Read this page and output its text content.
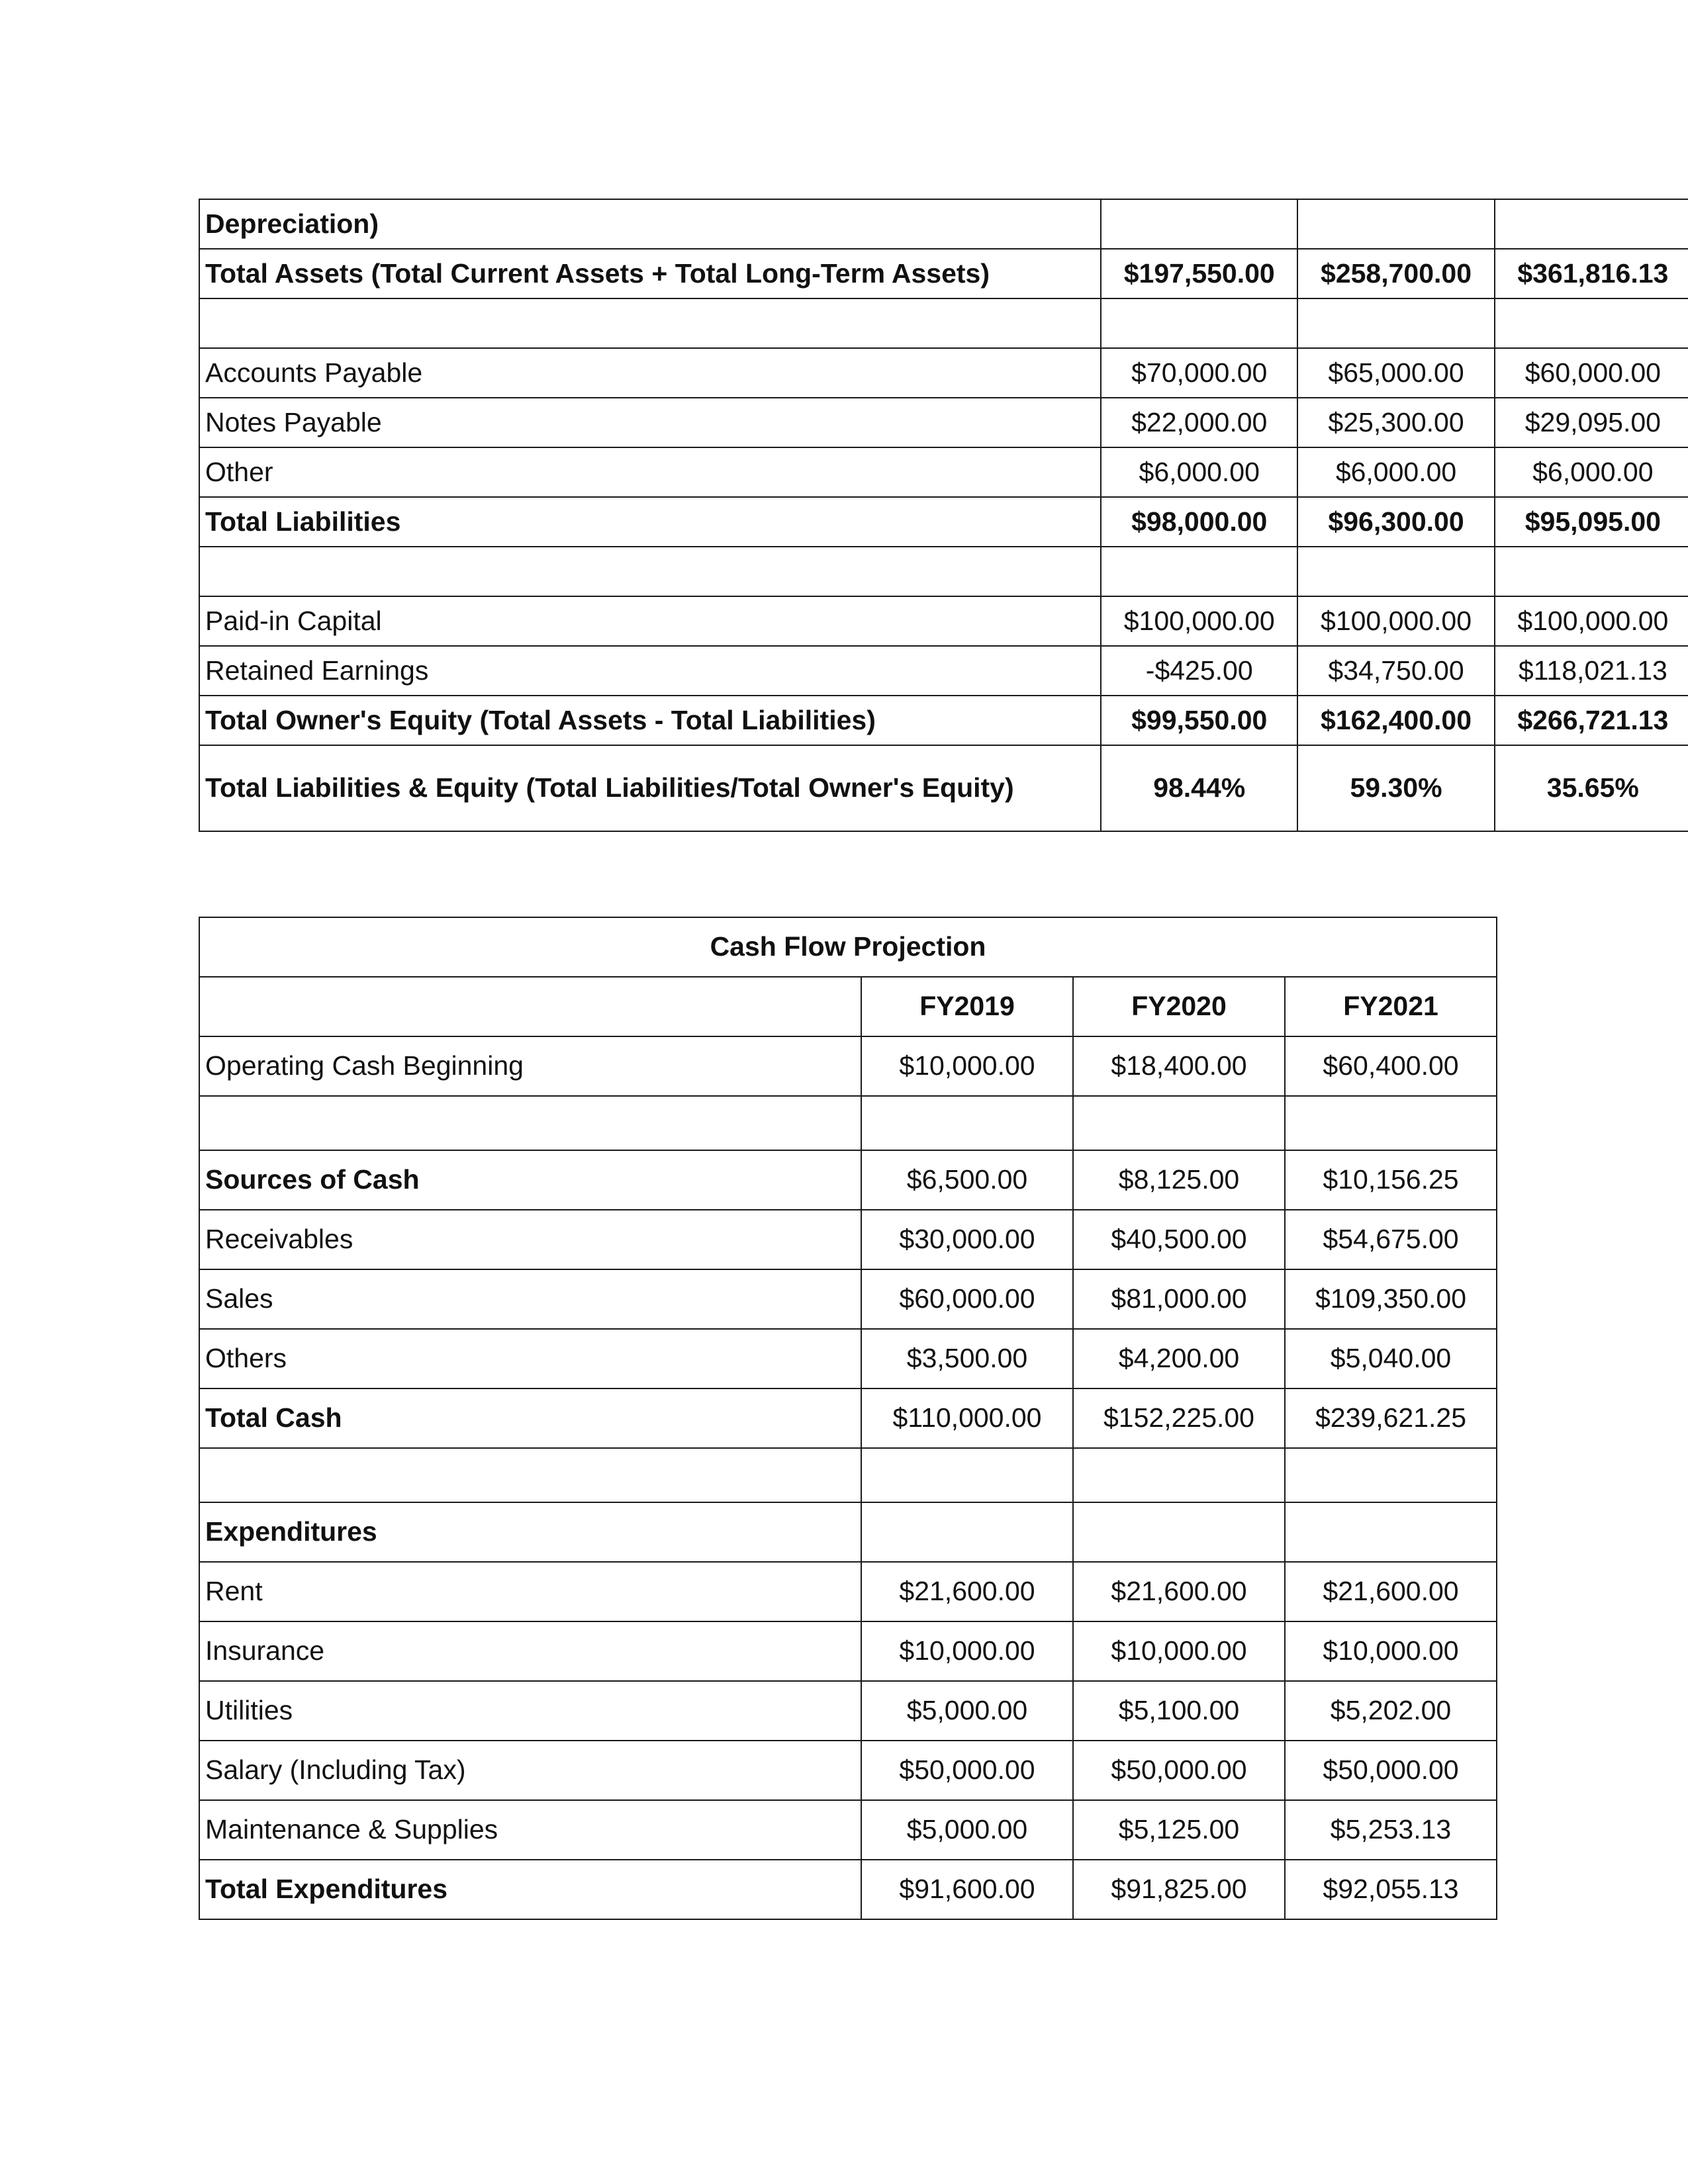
Depreciation)			
Total Assets (Total Current Assets + Total Long-Term Assets)	$197,550.00	$258,700.00	$361,816.13

Accounts Payable	$70,000.00	$65,000.00	$60,000.00
Notes Payable	$22,000.00	$25,300.00	$29,095.00
Other	$6,000.00	$6,000.00	$6,000.00
Total Liabilities	$98,000.00	$96,300.00	$95,095.00

Paid-in Capital	$100,000.00	$100,000.00	$100,000.00
Retained Earnings	-$425.00	$34,750.00	$118,021.13
Total Owner's Equity (Total Assets - Total Liabilities)	$99,550.00	$162,400.00	$266,721.13
Total Liabilities & Equity (Total Liabilities/Total Owner's Equity)	98.44%	59.30%	35.65%
Cash Flow Projection			
	FY2019	FY2020	FY2021
Operating Cash Beginning	$10,000.00	$18,400.00	$60,400.00

Sources of Cash	$6,500.00	$8,125.00	$10,156.25
Receivables	$30,000.00	$40,500.00	$54,675.00
Sales	$60,000.00	$81,000.00	$109,350.00
Others	$3,500.00	$4,200.00	$5,040.00
Total Cash	$110,000.00	$152,225.00	$239,621.25

Expenditures			
Rent	$21,600.00	$21,600.00	$21,600.00
Insurance	$10,000.00	$10,000.00	$10,000.00
Utilities	$5,000.00	$5,100.00	$5,202.00
Salary (Including Tax)	$50,000.00	$50,000.00	$50,000.00
Maintenance & Supplies	$5,000.00	$5,125.00	$5,253.13
Total Expenditures	$91,600.00	$91,825.00	$92,055.13
